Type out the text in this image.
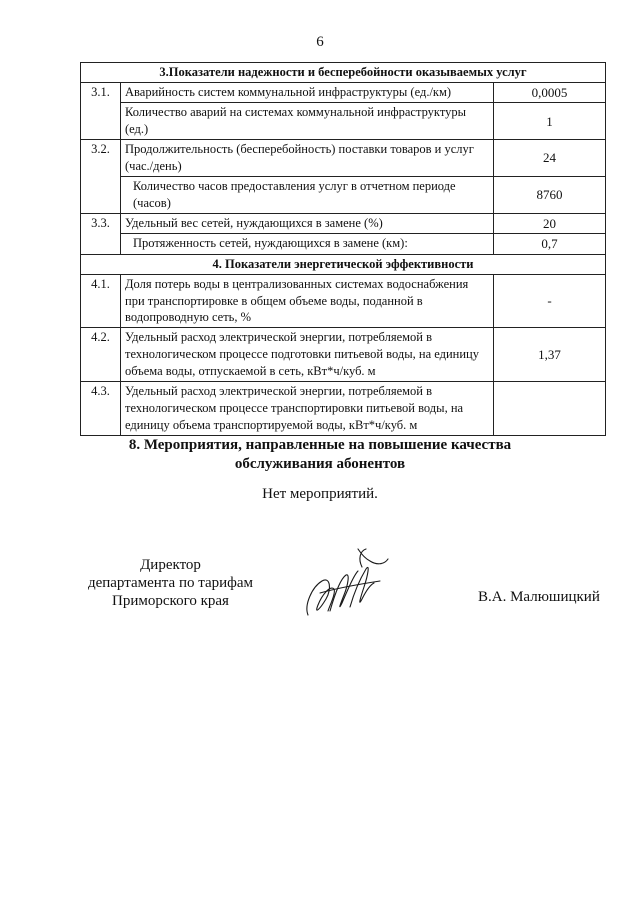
6
3.Показатели надежности и бесперебойности оказываемых услуг		
3.1.	Аварийность систем коммунальной инфраструктуры (ед./км)	0,0005
	Количество аварий на системах коммунальной инфраструктуры (ед.)	1
3.2.	Продолжительность (бесперебойность) поставки товаров и услуг (час./день)	24
	Количество часов предоставления услуг в отчетном периоде (часов)	8760
3.3.	Удельный вес сетей, нуждающихся в замене (%)	20
	Протяженность сетей, нуждающихся в замене (км):	0,7
4. Показатели энергетической эффективности		
4.1.	Доля потерь воды в централизованных системах водоснабжения при транспортировке в общем объеме воды, поданной в водопроводную сеть, %	-
4.2.	Удельный расход электрической энергии, потребляемой в технологическом процессе подготовки питьевой воды, на единицу объема воды, отпускаемой в сеть, кВт*ч/куб. м	1,37
4.3.	Удельный расход электрической энергии, потребляемой в технологическом процессе транспортировки питьевой воды, на единицу объема транспортируемой воды, кВт*ч/куб. м	
8. Мероприятия, направленные на повышение качества
обслуживания абонентов
Нет мероприятий.
Директор
департамента по тарифам
Приморского края	В.А. Малюшицкий
